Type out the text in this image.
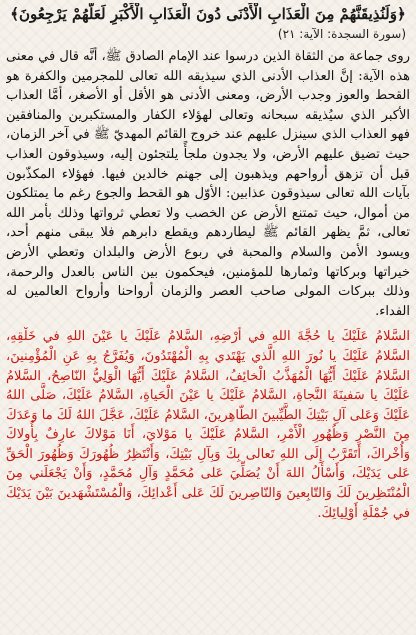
﴿وَلَنُذِيقَنَّهُمْ مِنَ الْعَذَابِ الْأَدْنَى دُونَ الْعَذَابِ الْأَكْبَرِ لَعَلَّهُمْ يَرْجِعُونَ﴾
(سورة السجدة: الآية: ٢١)
روى جماعة من الثقاة الذين درسوا عند الإمام الصادق ﷺ، أنَّه قال في معنى هذه الآية: إنَّ العذاب الأدنى الذي سيذيقه الله تعالى للمجرمين والكفرة هو القحط والعوز وجدب الأرض، ومعنى الأدنى هو الأقل أو الأصغر، أمَّا العذاب الأكبر الذي سيُذيقه سبحانه وتعالى لهؤلاء الكفار والمستكبرين والمنافقين فهو العذاب الذي سينزل عليهم عند خروج القائم المهديّ ﷺ في آخر الزمان، حيث تضيق عليهم الأرض، ولا يجدون ملجأً يلتجئون إليه، وسيذوقون العذاب قبل أن تزهق أرواحهم ويذهبون إلى جهنم خالدين فيها. فهؤلاء المكذّبون بآيات الله تعالى سيذوقون عذابين: الأوّل هو القحط والجوع رغم ما يمتلكون من أموال، حيث تمتنع الأرض عن الخصب ولا تعطي ثرواتها وذلك بأمر الله تعالى، ثمَّ يظهر القائم ﷺ ليطاردهم ويقطع دابرهم فلا يبقى منهم أحد، ويسود الأمن والسلام والمحبة في ربوع الأرض والبلدان وتعطي الأرض خيراتها وبركاتها وثمارها للمؤمنين، فيحكمون بين الناس بالعدل والرحمة، وذلك ببركات المولى صاحب العصر والزمان أرواحنا وأرواح العالمين له الفداء.
السَّلامُ عَلَيْكَ يا حُجَّةَ اللهِ في أَرْضِهِ، السَّلامُ عَلَيْكَ يا عَيْنَ اللهِ في خَلْقِهِ، السَّلامُ عَلَيْكَ يا نُورَ اللهِ الَّذي يَهْتَدي بِهِ الْمُهْتَدُونَ، وَيُفَرَّجُ بِهِ عَنِ الْمُؤْمِنينَ، السَّلامُ عَلَيْكَ أَيُّهَا الْمُهَذَّبُ الْخائِفُ، السَّلامُ عَلَيْكَ أَيُّهَا الْوَلِيُّ النّاصِحُ، السَّلامُ عَلَيْكَ يا سَفينَةَ النَّجاةِ، السَّلامُ عَلَيْكَ يا عَيْنَ الْحَياةِ، السَّلامُ عَلَيْكَ، صَلَّى اللهُ عَلَيْكَ وَعَلى آلِ بَيْتِكَ الطَّيِّبينَ الطّاهِرينَ، السَّلامُ عَلَيْكَ، عَجَّلَ اللهُ لَكَ ما وَعَدَكَ مِنَ النَّصْرِ وَظُهُورِ الْأَمْرِ، السَّلامُ عَلَيْكَ يا مَوْلايَ، أَنَا مَوْلاكَ عارِفٌ بِأُولاكَ وَأُخْراكَ، أَتَقَرَّبُ إِلَى اللهِ تَعالى بِكَ وَبِآلِ بَيْتِكَ، وَأَنْتَظِرُ ظُهُورَكَ وَظُهُورَ الْحَقِّ عَلى يَدَيْكَ، وَأَسْأَلُ اللهَ أَنْ يُصَلِّيَ عَلى مُحَمَّدٍ وَآلِ مُحَمَّدٍ، وَأَنْ يَجْعَلَني مِنَ الْمُنْتَظِرينَ لَكَ وَالتّابِعينَ وَالنّاصِرينَ لَكَ عَلى أَعْدائِكَ، وَالْمُسْتَشْهَدينَ بَيْنَ يَدَيْكَ في جُمْلَةِ أَوْلِيائِكَ.
